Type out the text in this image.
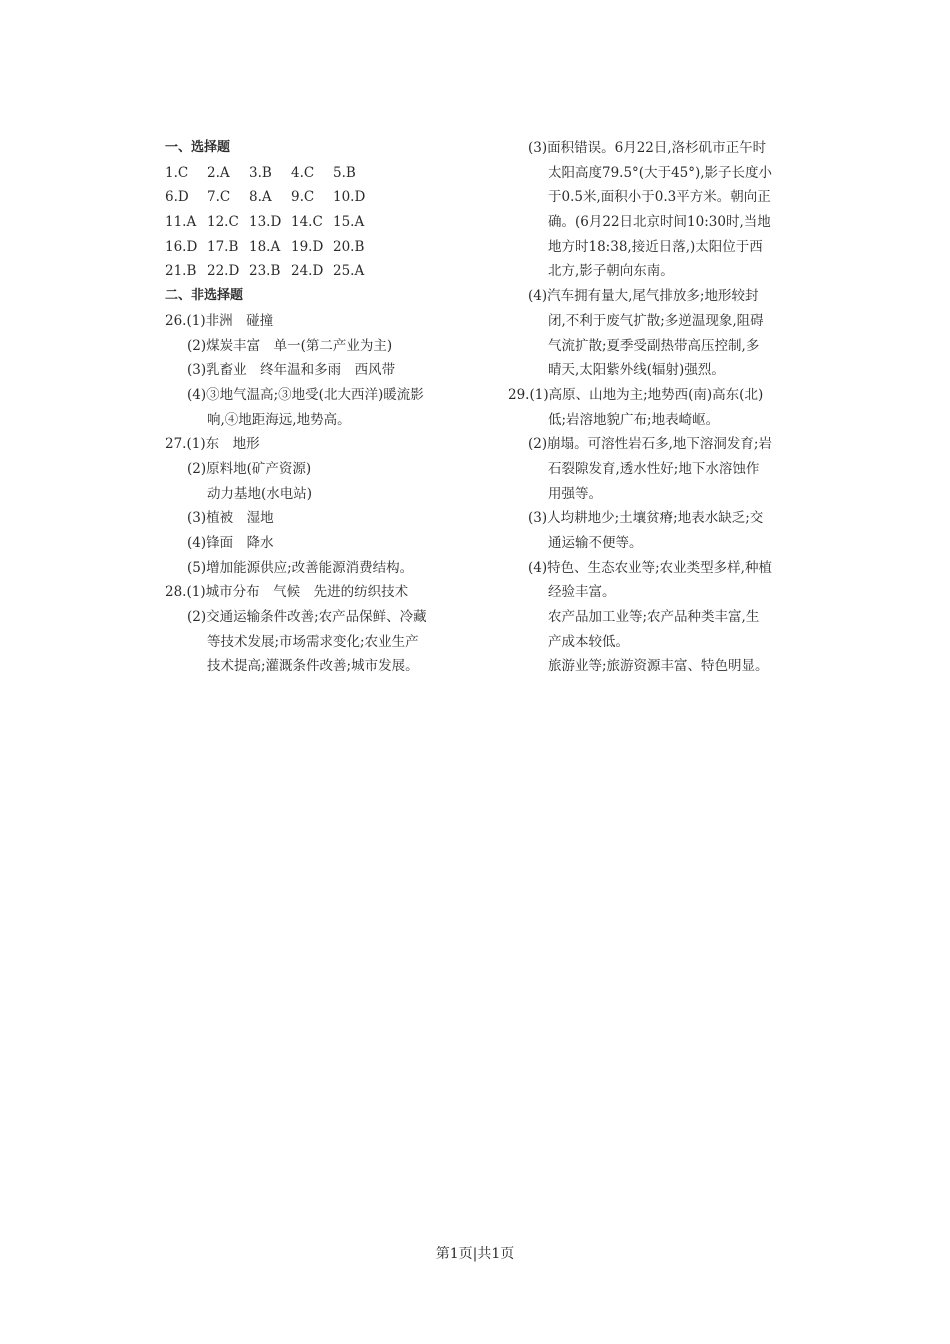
一、选择题
1.C	2.A	3.B	4.C	5.B
6.D	7.C	8.A	9.C	10.D
11.A 12.C 13.D 14.C 15.A
16.D 17.B 18.A 19.D 20.B
21.B 22.D 23.B 24.D 25.A
二、非选择题
26.(1)非洲　碰撞
(2)煤炭丰富　单一(第二产业为主)
(3)乳畜业　终年温和多雨　西风带
(4)③地气温高;③地受(北大西洋)暖流影
响,④地距海远,地势高。
27.(1)东　地形
(2)原料地(矿产资源)
动力基地(水电站)
(3)植被　湿地
(4)锋面　降水
(5)增加能源供应;改善能源消费结构。
28.(1)城市分布　气候　先进的纺织技术
(2)交通运输条件改善;农产品保鲜、冷藏
等技术发展;市场需求变化;农业生产
技术提高;灌溉条件改善;城市发展。
(3)面积错误。6月22日,洛杉矶市正午时
太阳高度79.5°(大于45°),影子长度小
于0.5米,面积小于0.3平方米。朝向正
确。(6月22日北京时间10:30时,当地
地方时18:38,接近日落,)太阳位于西
北方,影子朝向东南。
(4)汽车拥有量大,尾气排放多;地形较封
闭,不利于废气扩散;多逆温现象,阻碍
气流扩散;夏季受副热带高压控制,多
晴天,太阳紫外线(辐射)强烈。
29.(1)高原、山地为主;地势西(南)高东(北)
低;岩溶地貌广布;地表崎岖。
(2)崩塌。可溶性岩石多,地下溶洞发育;岩
石裂隙发育,透水性好;地下水溶蚀作
用强等。
(3)人均耕地少;土壤贫瘠;地表水缺乏;交
通运输不便等。
(4)特色、生态农业等;农业类型多样,种植
经验丰富。
农产品加工业等;农产品种类丰富,生
产成本较低。
旅游业等;旅游资源丰富、特色明显。
第1页|共1页
